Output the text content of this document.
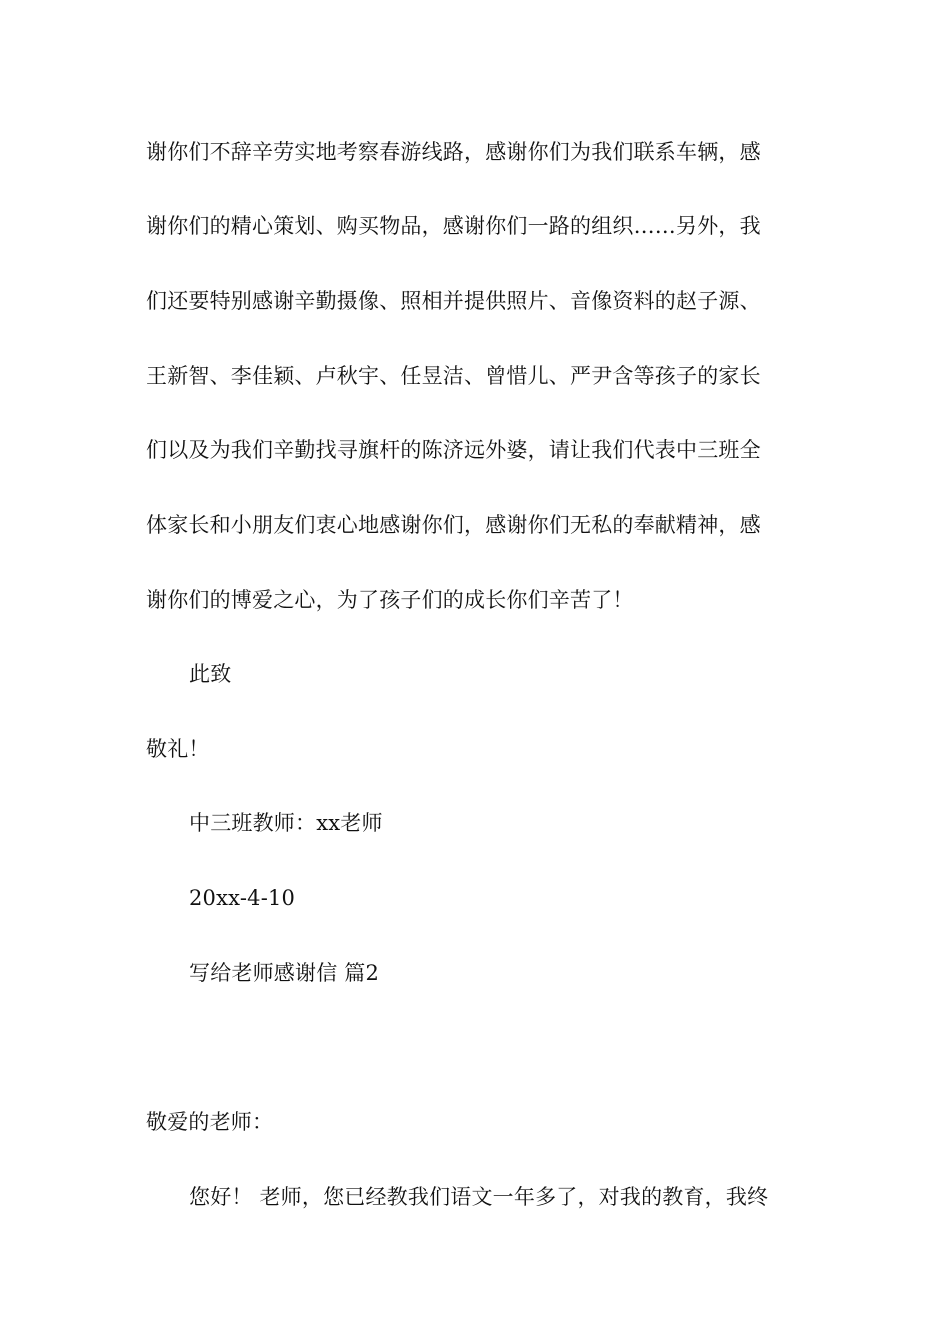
谢你们不辞辛劳实地考察春游线路，感谢你们为我们联系车辆，感
谢你们的精心策划、购买物品，感谢你们一路的组织……另外，我
们还要特别感谢辛勤摄像、照相并提供照片、音像资料的赵子源、
王新智、李佳颖、卢秋宇、任昱洁、曾惜儿、严尹含等孩子的家长
们以及为我们辛勤找寻旗杆的陈济远外婆，请让我们代表中三班全
体家长和小朋友们衷心地感谢你们，感谢你们无私的奉献精神，感
谢你们的博爱之心，为了孩子们的成长你们辛苦了！
此致
敬礼！
中三班教师：xx老师
20xx-4-10
写给老师感谢信 篇2
敬爱的老师：
您好！ 老师，您已经教我们语文一年多了，对我的教育，我终
